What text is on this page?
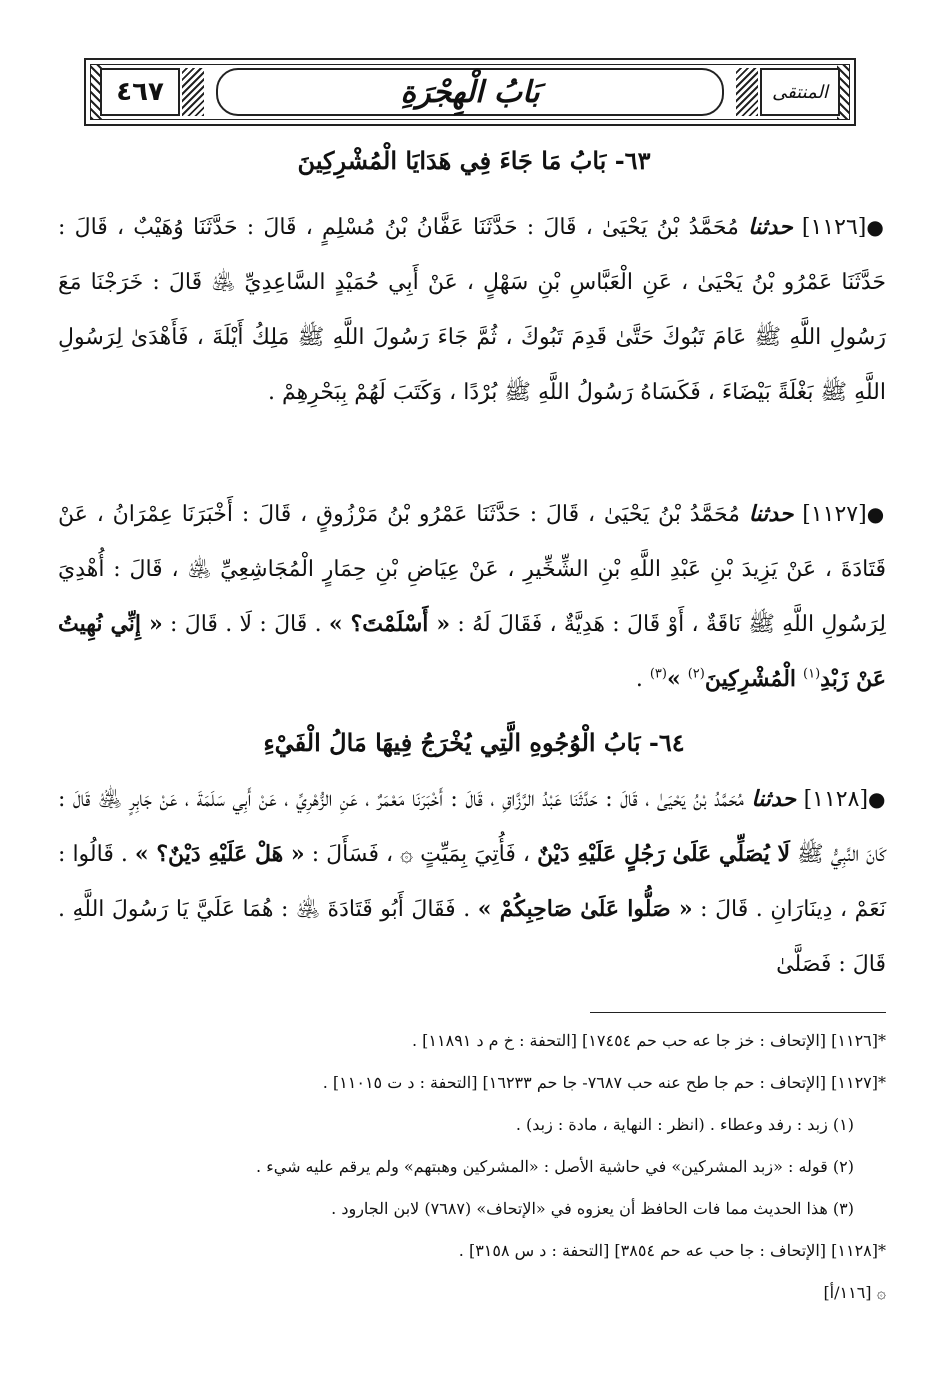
المنتقى
بَابُ الْهِجْرَةِ
٤٦٧
٦٣- بَابُ مَا جَاءَ فِي هَدَايَا الْمُشْرِكِينَ
●[١١٢٦] حدثنا مُحَمَّدُ بْنُ يَحْيَىٰ ، قَالَ : حَدَّثَنَا عَفَّانُ بْنُ مُسْلِمٍ ، قَالَ : حَدَّثَنَا وُهَيْبٌ ، قَالَ : حَدَّثَنَا عَمْرُو بْنُ يَحْيَىٰ ، عَنِ الْعَبَّاسِ بْنِ سَهْلٍ ، عَنْ أَبِي حُمَيْدٍ السَّاعِدِيِّ ﵁ قَالَ : خَرَجْنَا مَعَ رَسُولِ اللَّهِ ﷺ عَامَ تَبُوكَ حَتَّىٰ قَدِمَ تَبُوكَ ، ثُمَّ جَاءَ رَسُولَ اللَّهِ ﷺ مَلِكُ أَيْلَةَ ، فَأَهْدَىٰ لِرَسُولِ اللَّهِ ﷺ بَغْلَةً بَيْضَاءَ ، فَكَسَاهُ رَسُولُ اللَّهِ ﷺ بُرْدًا ، وَكَتَبَ لَهُمْ بِبَحْرِهِمْ .
●[١١٢٧] حدثنا مُحَمَّدُ بْنُ يَحْيَىٰ ، قَالَ : حَدَّثَنَا عَمْرُو بْنُ مَرْزُوقٍ ، قَالَ : أَخْبَرَنَا عِمْرَانُ ، عَنْ قَتَادَةَ ، عَنْ يَزِيدَ بْنِ عَبْدِ اللَّهِ بْنِ الشِّخِّيرِ ، عَنْ عِيَاضِ بْنِ حِمَارٍ الْمُجَاشِعِيِّ ﵁ ، قَالَ : أُهْدِيَ لِرَسُولِ اللَّهِ ﷺ نَاقَةٌ ، أَوْ قَالَ : هَدِيَّةٌ ، فَقَالَ لَهُ : « أَسْلَمْتَ؟ » . قَالَ : لَا . قَالَ : « إِنِّي نُهِيتُ عَنْ زَبْدِ$^{(١)}$ الْمُشْرِكِينَ$^{(٢)}$ »$^{(٣)}$ .
٦٤- بَابُ الْوُجُوهِ الَّتِي يُخْرَجُ فِيهَا مَالُ الْفَيْءِ
●[١١٢٨] حدثنا مُحَمَّدُ بْنُ يَحْيَىٰ ، قَالَ : حَدَّثَنَا عَبْدُ الرَّزَّاقِ ، قَالَ : أَخْبَرَنَا مَعْمَرٌ ، عَنِ الزُّهْرِيِّ ، عَنْ أَبِي سَلَمَةَ ، عَنْ جَابِرٍ ﵁ قَالَ : كَانَ النَّبِيُّ ﷺ لَا يُصَلِّي عَلَىٰ رَجُلٍ عَلَيْهِ دَيْنٌ ، فَأُتِيَ بِمَيِّتٍ ۞ ، فَسَأَلَ : « هَلْ عَلَيْهِ دَيْنٌ؟ » . قَالُوا : نَعَمْ ، دِينَارَانِ . قَالَ : « صَلُّوا عَلَىٰ صَاحِبِكُمْ » . فَقَالَ أَبُو قَتَادَةَ ﵁ : هُمَا عَلَيَّ يَا رَسُولَ اللَّهِ . قَالَ : فَصَلَّىٰ
*[١١٢٦] [الإتحاف : خز جا عه حب حم ١٧٤٥٤] [التحفة : خ م د ١١٨٩١] .
*[١١٢٧] [الإتحاف : حم جا طح عنه حب ٧٦٨٧- جا حم ١٦٢٣٣] [التحفة : د ت ١١٠١٥] .
(١) زبد : رفد وعطاء . (انظر : النهاية ، مادة : زبد) .
(٢) قوله : «زبد المشركين» في حاشية الأصل : «المشركين وهبتهم» ولم يرقم عليه شيء .
(٣) هذا الحديث مما فات الحافظ أن يعزوه في «الإتحاف» (٧٦٨٧) لابن الجارود .
*[١١٢٨] [الإتحاف : جا حب عه حم ٣٨٥٤] [التحفة : د س ٣١٥٨] .
۞ [١١٦/أ]
